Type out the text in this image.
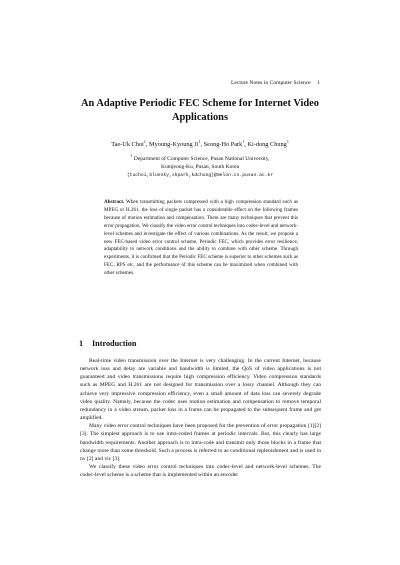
Lecture Notes in Computer Science 1
An Adaptive Periodic FEC Scheme for Internet Video Applications
Tae-Uk Choi$^1$, Myoung-Kyoung Ji$^1$, Seong-Ho Park$^1$, Ki-dong Chung$^1$
$^1$ Department of Computer Science, Pusan National University,
Kumjeong-Ku, Pusan, South Korea
{tuchoi,bluesky,shpark,kdchung}@melon.cs.pusan.ac.kr
Abstract. When transmitting packets compressed with a high compression standard such as MPEG or H.261, the loss of single packet has a considerable effect on the following frames because of motion estimation and compensation. There are many techniques that prevent this error propagation. We classify the video error control techniques into codec-level and network-level schemes and investigate the effect of various combinations. As the result, we propose a new FEC-based video error control scheme, Periodic FEC, which provides error resilience, adaptability to network conditions and the ability to combine with other scheme. Through experiments, it is confirmed that the Periodic FEC scheme is superior to other schemes such as FEC, RPS etc, and the performance of this scheme can be maximized when combined with other schemes.
1 Introduction

Real-time video transmission over the Internet is very challenging. In the current Internet, because network loss and delay are variable and bandwidth is limited, the QoS of video applications is not guaranteed and video transmissions require high compression efficiency. Video compression standards such as MPEG and H.261 are not designed for transmission over a lossy channel. Although they can achieve very impressive compression efficiency, even a small amount of data loss can severely degrade video quality. Namely, because the codec uses motion estimation and compensation to remove temporal redundancy in a video stream, packet loss in a frame can be propagated to the subsequent frame and get amplified.

Many video error control techniques have been proposed for the prevention of error propagation [1][2][3]. The simplest approach is to use intra-coded frames at periodic intervals. But, this clearly has large bandwidth requirements. Another approach is to intra-code and transmit only those blocks in a frame that change more than some threshold. Such a process is referred to as conditional replenishment and is used in nv [2] and vic [3].

We classify these video error control techniques into codec-level and network-level schemes. The codec-level scheme is a scheme that is implemented within an encoder
